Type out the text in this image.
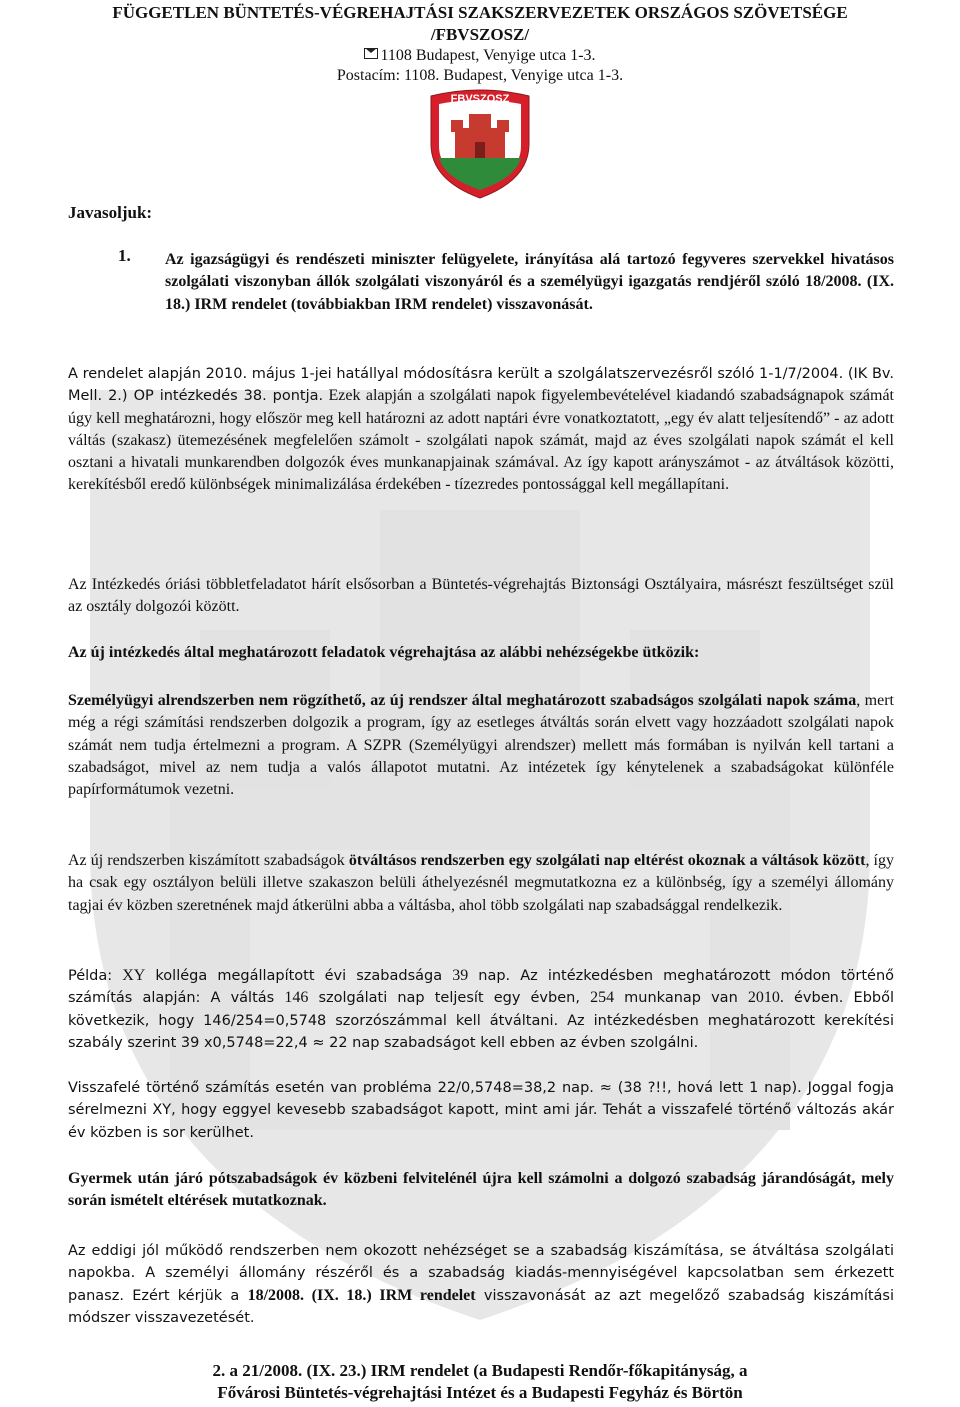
FÜGGETLEN BÜNTETÉS-VÉGREHAJTÁSI SZAKSZERVEZETEK ORSZÁGOS SZÖVETSÉGE
/FBVSZOSZ/
1108 Budapest, Venyige utca 1-3.
Postacím: 1108. Budapest, Venyige utca 1-3.
FBVSZOSZ
Javasoljuk:
1. Az igazságügyi és rendészeti miniszter felügyelete, irányítása alá tartozó fegyveres szervekkel hivatásos szolgálati viszonyban állók szolgálati viszonyáról és a személyügyi igazgatás rendjéről szóló 18/2008. (IX. 18.) IRM rendelet (továbbiakban IRM rendelet) visszavonását.
A rendelet alapján 2010. május 1-jei hatállyal módosításra került a szolgálatszervezésről szóló 1-1/7/2004. (IK Bv. Mell. 2.) OP intézkedés 38. pontja. Ezek alapján a szolgálati napok figyelembevételével kiadandó szabadságnapok számát úgy kell meghatározni, hogy először meg kell határozni az adott naptári évre vonatkoztatott, „egy év alatt teljesítendő” - az adott váltás (szakasz) ütemezésének megfelelően számolt - szolgálati napok számát, majd az éves szolgálati napok számát el kell osztani a hivatali munkarendben dolgozók éves munkanapjainak számával. Az így kapott arányszámot - az átváltások közötti, kerekítésből eredő különbségek minimalizálása érdekében - tízezredes pontossággal kell megállapítani.
Az Intézkedés óriási többletfeladatot hárít elsősorban a Büntetés-végrehajtás Biztonsági Osztályaira, másrészt feszültséget szül az osztály dolgozói között.
Az új intézkedés által meghatározott feladatok végrehajtása az alábbi nehézségekbe ütközik:
Személyügyi alrendszerben nem rögzíthető, az új rendszer által meghatározott szabadságos szolgálati napok száma, mert még a régi számítási rendszerben dolgozik a program, így az esetleges átváltás során elvett vagy hozzáadott szolgálati napok számát nem tudja értelmezni a program. A SZPR (Személyügyi alrendszer) mellett más formában is nyilván kell tartani a szabadságot, mivel az nem tudja a valós állapotot mutatni. Az intézetek így kénytelenek a szabadságokat különféle papírformátumok vezetni.
Az új rendszerben kiszámított szabadságok ötváltásos rendszerben egy szolgálati nap eltérést okoznak a váltások között, így ha csak egy osztályon belüli illetve szakaszon belüli áthelyezésnél megmutatkozna ez a különbség, így a személyi állomány tagjai év közben szeretnének majd átkerülni abba a váltásba, ahol több szolgálati nap szabadsággal rendelkezik.
Példa: XY kolléga megállapított évi szabadsága 39 nap. Az intézkedésben meghatározott módon történő számítás alapján: A váltás 146 szolgálati nap teljesít egy évben, 254 munkanap van 2010. évben. Ebből következik, hogy 146/254=0,5748 szorzószámmal kell átváltani. Az intézkedésben meghatározott kerekítési szabály szerint 39 x0,5748=22,4 ≈ 22 nap szabadságot kell ebben az évben szolgálni.
Visszafelé történő számítás esetén van probléma 22/0,5748=38,2 nap. ≈ (38 ?!!, hová lett 1 nap). Joggal fogja sérelmezni XY, hogy eggyel kevesebb szabadságot kapott, mint ami jár. Tehát a visszafelé történő változás akár év közben is sor kerülhet.
Gyermek után járó pótszabadságok év közbeni felvitelénél újra kell számolni a dolgozó szabadság járandóságát, mely során ismételt eltérések mutatkoznak.
Az eddigi jól működő rendszerben nem okozott nehézséget se a szabadság kiszámítása, se átváltása szolgálati napokba. A személyi állomány részéről és a szabadság kiadás-mennyiségével kapcsolatban sem érkezett panasz. Ezért kérjük a 18/2008. (IX. 18.) IRM rendelet visszavonását az azt megelőző szabadság kiszámítási módszer visszavezetését.
2. a 21/2008. (IX. 23.) IRM rendelet (a Budapesti Rendőr-főkapitányság, a
Fővárosi Büntetés-végrehajtási Intézet és a Budapesti Fegyház és Börtön
